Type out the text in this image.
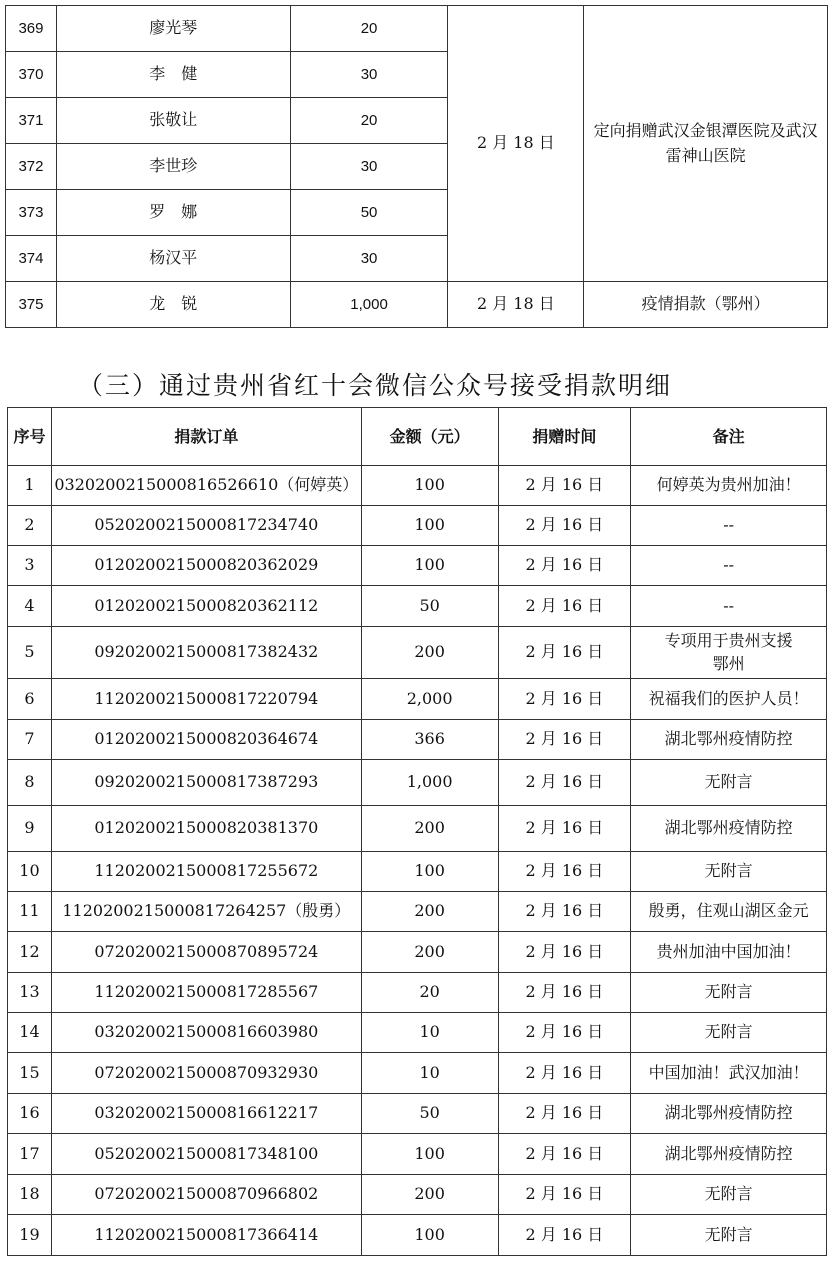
369	廖光琴	20	2 月 18 日	定向捐赠武汉金银潭医院及武汉雷神山医院
370	李　健	30		
371	张敬让	20		
372	李世珍	30		
373	罗　娜	50		
374	杨汉平	30		
375	龙　锐	1,000	2 月 18 日	疫情捐款（鄂州）
（三）通过贵州省红十会微信公众号接受捐款明细
序号	捐款订单	金额（元）	捐赠时间	备注
1	0320200215000816526610（何婷英）	100	2 月 16 日	何婷英为贵州加油！
2	0520200215000817234740	100	2 月 16 日	--
3	0120200215000820362029	100	2 月 16 日	--
4	0120200215000820362112	50	2 月 16 日	--
5	0920200215000817382432	200	2 月 16 日	专项用于贵州支援鄂州
6	1120200215000817220794	2,000	2 月 16 日	祝福我们的医护人员！
7	0120200215000820364674	366	2 月 16 日	湖北鄂州疫情防控
8	0920200215000817387293	1,000	2 月 16 日	无附言
9	0120200215000820381370	200	2 月 16 日	湖北鄂州疫情防控
10	1120200215000817255672	100	2 月 16 日	无附言
11	1120200215000817264257（殷勇）	200	2 月 16 日	殷勇，住观山湖区金元
12	0720200215000870895724	200	2 月 16 日	贵州加油中国加油！
13	1120200215000817285567	20	2 月 16 日	无附言
14	0320200215000816603980	10	2 月 16 日	无附言
15	0720200215000870932930	10	2 月 16 日	中国加油！武汉加油！
16	0320200215000816612217	50	2 月 16 日	湖北鄂州疫情防控
17	0520200215000817348100	100	2 月 16 日	湖北鄂州疫情防控
18	0720200215000870966802	200	2 月 16 日	无附言
19	1120200215000817366414	100	2 月 16 日	无附言
